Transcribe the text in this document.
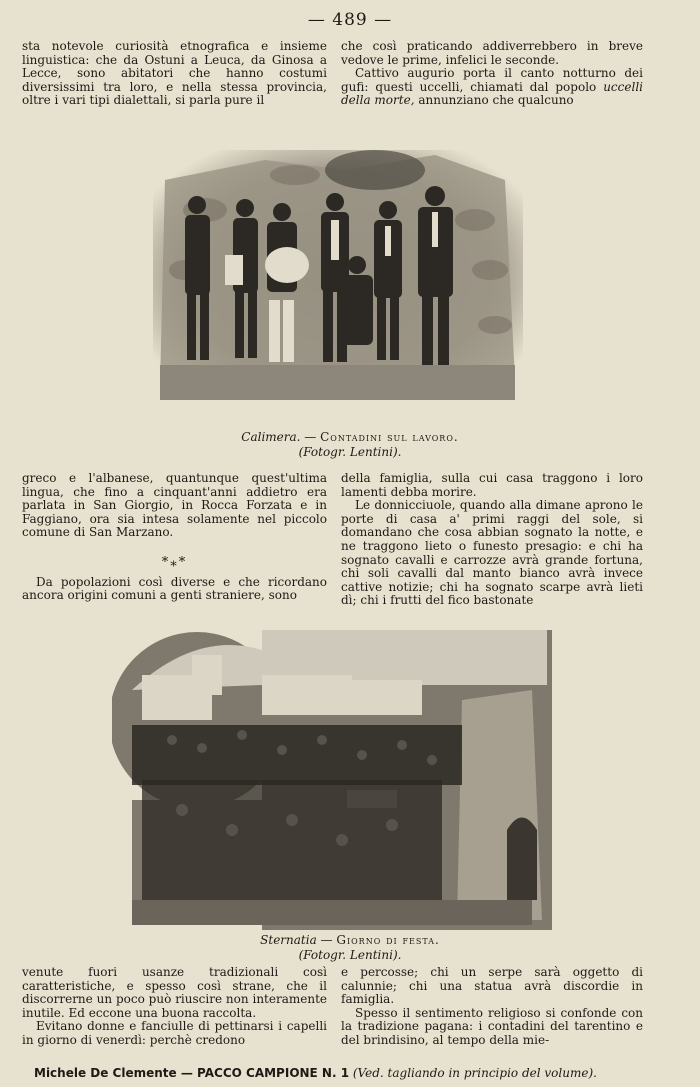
— 489 —

sta notevole curiosità etnografica e insieme linguistica: che da Ostuni a Leuca, da Ginosa a Lecce, sono abitatori che hanno costumi diversissimi tra loro, e nella stessa provincia, oltre i vari tipi dialettali, si parla pure il

che così praticando addiverrebbero in breve vedove le prime, infelici le seconde.

Cattivo augurio porta il canto notturno dei gufi: questi uccelli, chiamati dal popolo uccelli della morte, annunziano che qualcuno

Calimera. — Contadini sul lavoro.
(Fotogr. Lentini).

greco e l'albanese, quantunque quest'ultima lingua, che fino a cinquant'anni addietro era parlata in San Giorgio, in Rocca Forzata e in Faggiano, ora sia intesa solamente nel piccolo comune di San Marzano.

*⁎*

Da popolazioni così diverse e che ricordano ancora origini comuni a genti straniere, sono

della famiglia, sulla cui casa traggono i loro lamenti debba morire.

Le donnicciuole, quando alla dimane aprono le porte di casa a' primi raggi del sole, si domandano che cosa abbian sognato la notte, e ne traggono lieto o funesto presagio: e chi ha sognato cavalli e carrozze avrà grande fortuna, chi soli cavalli dal manto bianco avrà invece cattive notizie; chi ha sognato scarpe avrà lieti dì; chi i frutti del fico bastonate

Sternatia — Giorno di festa.
(Fotogr. Lentini).

venute fuori usanze tradizionali così caratteristiche, e spesso così strane, che il discorrerne un poco può riuscire non interamente inutile. Ed eccone una buona raccolta.

Evitano donne e fanciulle di pettinarsi i capelli in giorno di venerdì: perchè credono

e percosse; chi un serpe sarà oggetto di calunnie; chi una statua avrà discordie in famiglia.

Spesso il sentimento religioso si confonde con la tradizione pagana: i contadini del tarentino e del brindisino, al tempo della mie-

Michele De Clemente — PACCO CAMPIONE N. 1 (Ved. tagliando in principio del volume).
